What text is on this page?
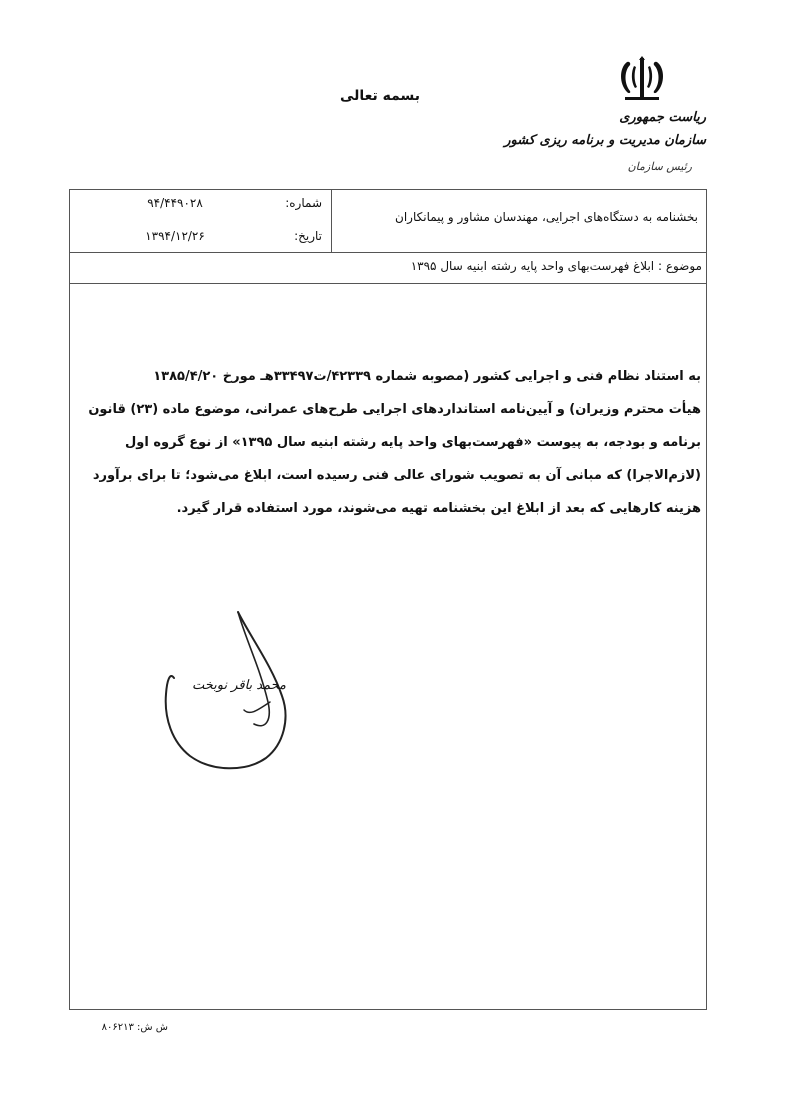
بسمه تعالی
ریاست جمهوری
سازمان مدیریت و برنامه ریزی کشور
رئیس سازمان
بخشنامه به دستگاه‌های اجرایی، مهندسان مشاور و پیمانکاران
شماره:
۹۴/۴۴۹۰۲۸
تاریخ:
۱۳۹۴/۱۲/۲۶
موضوع : ابلاغ فهرست‌بهای واحد پایه رشته ابنیه سال ۱۳۹۵
به استناد نظام فنی و اجرایی کشور (مصوبه شماره ۴۲۳۳۹/ت۳۳۴۹۷هـ مورخ ۱۳۸۵/۴/۲۰
هیأت محترم وزیران) و آیین‌نامه استانداردهای اجرایی طرح‌های عمرانی، موضوع ماده (۲۳) قانون
برنامه و بودجه، به پیوست «فهرست‌بهای واحد پایه رشته ابنیه سال ۱۳۹۵» از نوع گروه اول
(لازم‌الاجرا) که مبانی آن به تصویب شورای عالی فنی رسیده است، ابلاغ می‌شود؛ تا برای برآورد
هزینه کارهایی که بعد از ابلاغ این بخشنامه تهیه می‌شوند، مورد استفاده قرار گیرد.
محمد باقر نوبخت
ش ش: ۸۰۶۲۱۳
